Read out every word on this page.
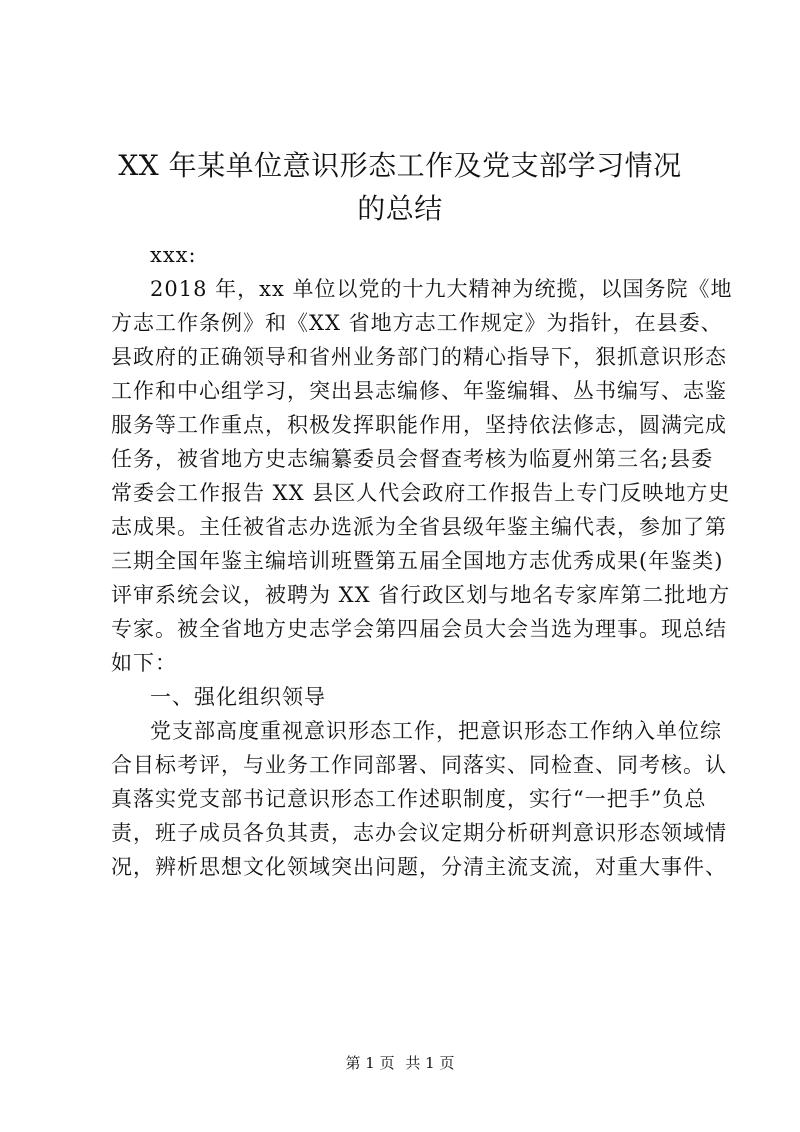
XX 年某单位意识形态工作及党支部学习情况
的总结

xxx:

2018 年，xx 单位以党的十九大精神为统揽，以国务院《地

方志工作条例》和《XX 省地方志工作规定》为指针，在县委、

县政府的正确领导和省州业务部门的精心指导下，狠抓意识形态

工作和中心组学习，突出县志编修、年鉴编辑、丛书编写、志鉴

服务等工作重点，积极发挥职能作用，坚持依法修志，圆满完成

任务，被省地方史志编纂委员会督查考核为临夏州第三名;县委

常委会工作报告 XX 县区人代会政府工作报告上专门反映地方史

志成果。主任被省志办选派为全省县级年鉴主编代表，参加了第

三期全国年鉴主编培训班暨第五届全国地方志优秀成果(年鉴类)

评审系统会议，被聘为 XX 省行政区划与地名专家库第二批地方

专家。被全省地方史志学会第四届会员大会当选为理事。现总结

如下：

一、强化组织领导

党支部高度重视意识形态工作，把意识形态工作纳入单位综

合目标考评，与业务工作同部署、同落实、同检查、同考核。认

真落实党支部书记意识形态工作述职制度，实行“一把手”负总

责，班子成员各负其责，志办会议定期分析研判意识形态领域情

况，辨析思想文化领域突出问题，分清主流支流，对重大事件、

第 1 页 共 1 页
